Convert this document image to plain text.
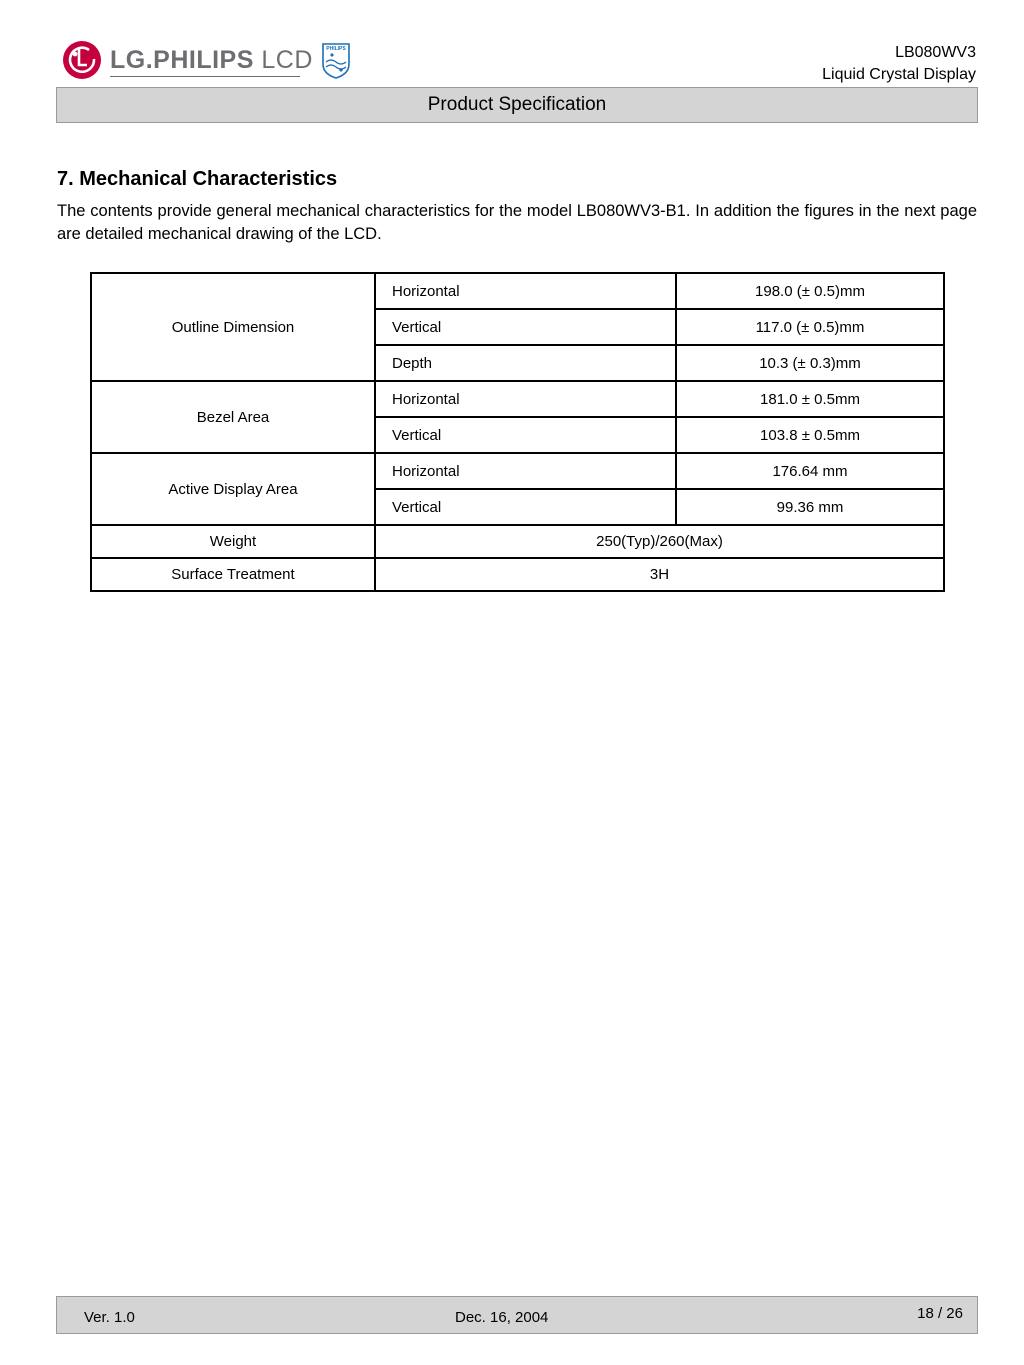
LG.PHILIPS LCD	PHILIPS	LB080WV3
Liquid Crystal Display
Product Specification
7. Mechanical Characteristics
The contents provide general mechanical characteristics for the model LB080WV3-B1. In addition the figures in the next page are detailed mechanical drawing of the LCD.
Outline Dimension	Horizontal	198.0 (± 0.5)mm
	Vertical	117.0 (± 0.5)mm
	Depth	10.3 (± 0.3)mm
Bezel Area	Horizontal	181.0 ± 0.5mm
	Vertical	103.8 ± 0.5mm
Active Display Area	Horizontal	176.64 mm
	Vertical	99.36 mm
Weight	250(Typ)/260(Max)	
Surface Treatment	3H	
Ver. 1.0	Dec. 16, 2004	18 / 26
